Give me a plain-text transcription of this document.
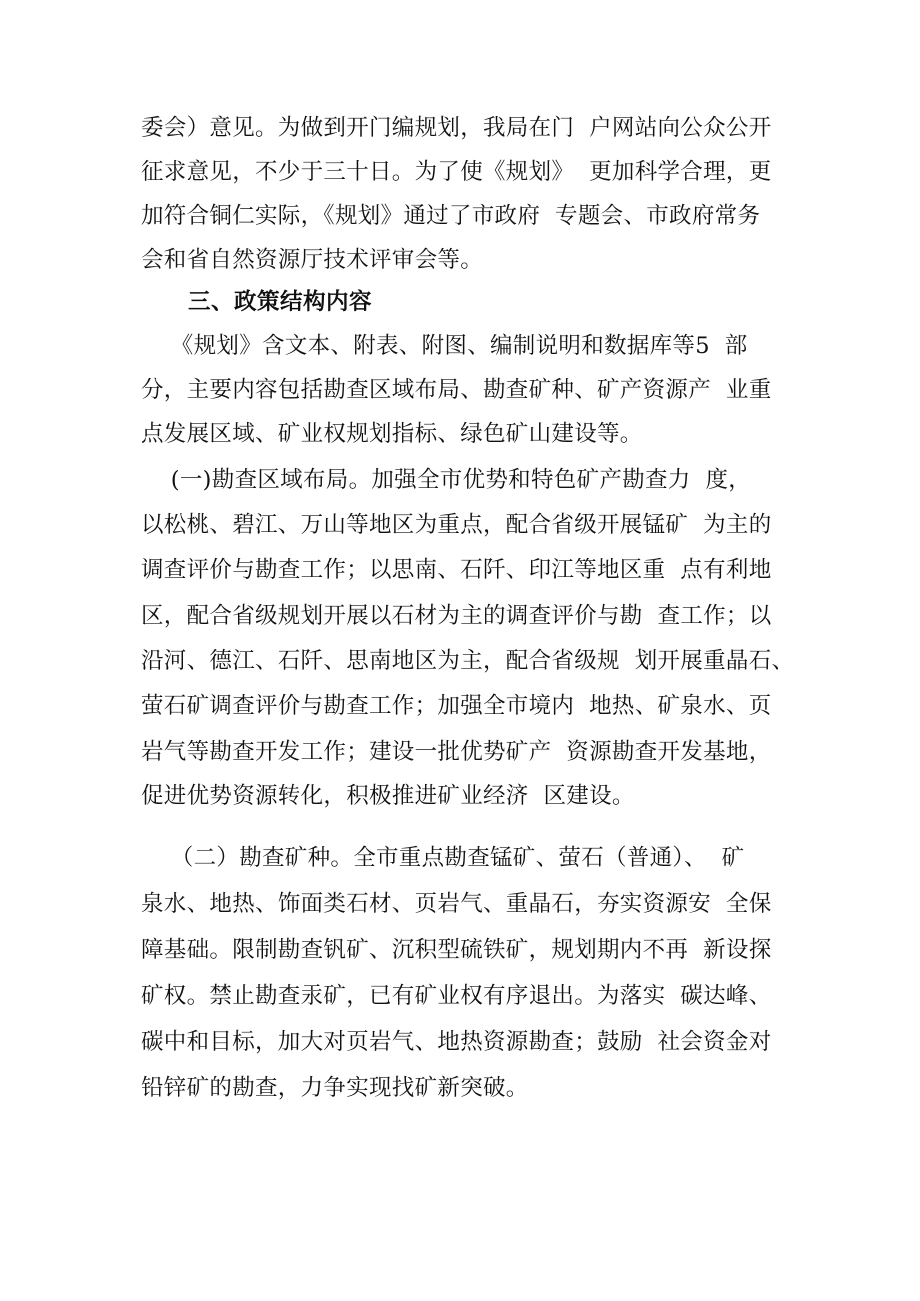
委会）意见。为做到开门编规划，我局在门  户网站向公众公开
征求意见，不少于三十日。为了使《规划》  更加科学合理，更
加符合铜仁实际，《规划》通过了市政府  专题会、市政府常务
会和省自然资源厅技术评审会等。
三、政策结构内容
《规划》含文本、附表、附图、编制说明和数据库等5  部
分，主要内容包括勘查区域布局、勘查矿种、矿产资源产  业重
点发展区域、矿业权规划指标、绿色矿山建设等。
(一)勘查区域布局。加强全市优势和特色矿产勘查力  度，
以松桃、碧江、万山等地区为重点，配合省级开展锰矿  为主的
调查评价与勘查工作；以思南、石阡、印江等地区重  点有利地
区，配合省级规划开展以石材为主的调查评价与勘  查工作；以
沿河、德江、石阡、思南地区为主，配合省级规  划开展重晶石、
萤石矿调查评价与勘查工作；加强全市境内  地热、矿泉水、页
岩气等勘查开发工作；建设一批优势矿产  资源勘查开发基地，
促进优势资源转化，积极推进矿业经济  区建设。
（二）勘查矿种。全市重点勘查锰矿、萤石（普通）、  矿
泉水、地热、饰面类石材、页岩气、重晶石，夯实资源安  全保
障基础。限制勘查钒矿、沉积型硫铁矿，规划期内不再  新设探
矿权。禁止勘查汞矿，已有矿业权有序退出。为落实  碳达峰、
碳中和目标，加大对页岩气、地热资源勘查；鼓励  社会资金对
铅锌矿的勘查，力争实现找矿新突破。
